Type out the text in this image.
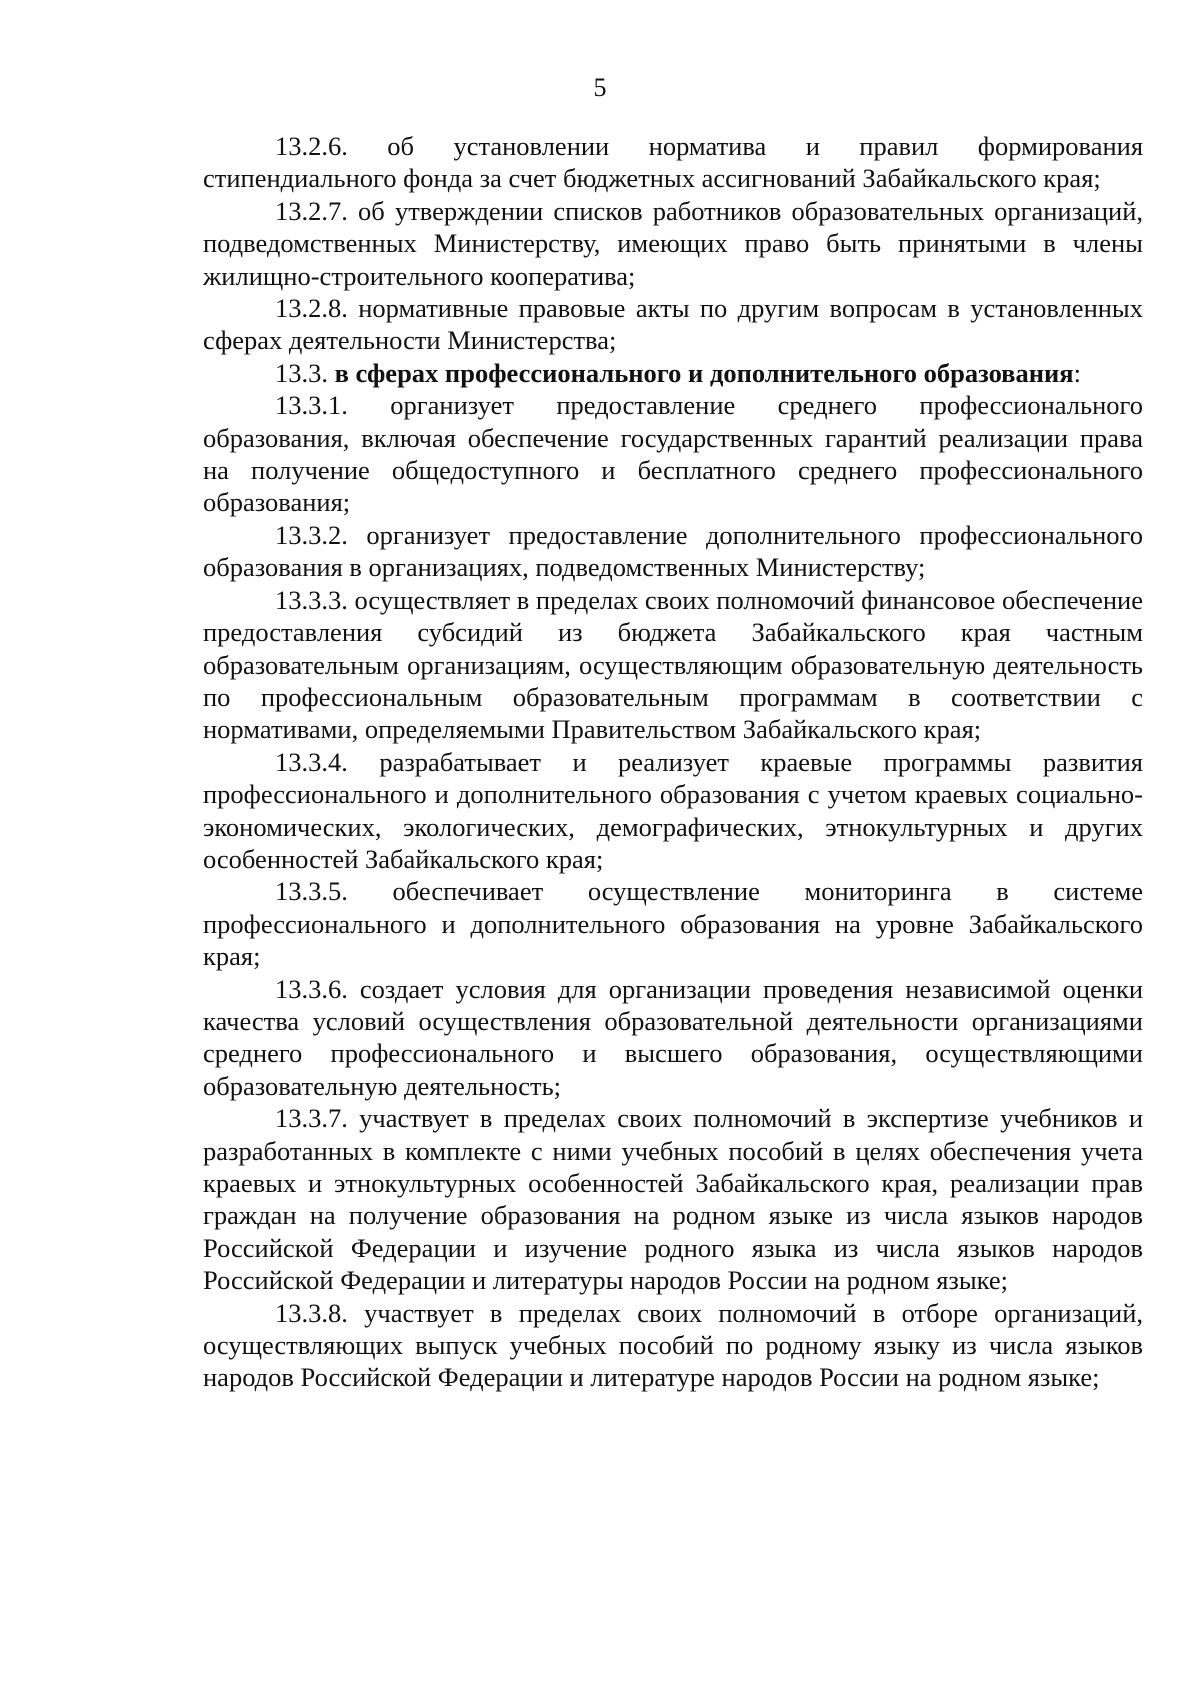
5

13.2.6. об установлении норматива и правил формирования стипендиального фонда за счет бюджетных ассигнований Забайкальского края;

13.2.7. об утверждении списков работников образовательных организаций, подведомственных Министерству, имеющих право быть принятыми в члены жилищно-строительного кооператива;

13.2.8. нормативные правовые акты по другим вопросам в установленных сферах деятельности Министерства;

13.3. в сферах профессионального и дополнительного образования:

13.3.1. организует предоставление среднего профессионального образования, включая обеспечение государственных гарантий реализации права на получение общедоступного и бесплатного среднего профессионального образования;

13.3.2. организует предоставление дополнительного профессионального образования в организациях, подведомственных Министерству;

13.3.3. осуществляет в пределах своих полномочий финансовое обеспечение предоставления субсидий из бюджета Забайкальского края частным образовательным организациям, осуществляющим образовательную деятельность по профессиональным образовательным программам в соответствии с нормативами, определяемыми Правительством Забайкальского края;

13.3.4. разрабатывает и реализует краевые программы развития профессионального и дополнительного образования с учетом краевых социально-экономических, экологических, демографических, этнокультурных и других особенностей Забайкальского края;

13.3.5. обеспечивает осуществление мониторинга в системе профессионального и дополнительного образования на уровне Забайкальского края;

13.3.6. создает условия для организации проведения независимой оценки качества условий осуществления образовательной деятельности организациями среднего профессионального и высшего образования, осуществляющими образовательную деятельность;

13.3.7. участвует в пределах своих полномочий в экспертизе учебников и разработанных в комплекте с ними учебных пособий в целях обеспечения учета краевых и этнокультурных особенностей Забайкальского края, реализации прав граждан на получение образования на родном языке из числа языков народов Российской Федерации и изучение родного языка из числа языков народов Российской Федерации и литературы народов России на родном языке;

13.3.8. участвует в пределах своих полномочий в отборе организаций, осуществляющих выпуск учебных пособий по родному языку из числа языков народов Российской Федерации и литературе народов России на родном языке;
